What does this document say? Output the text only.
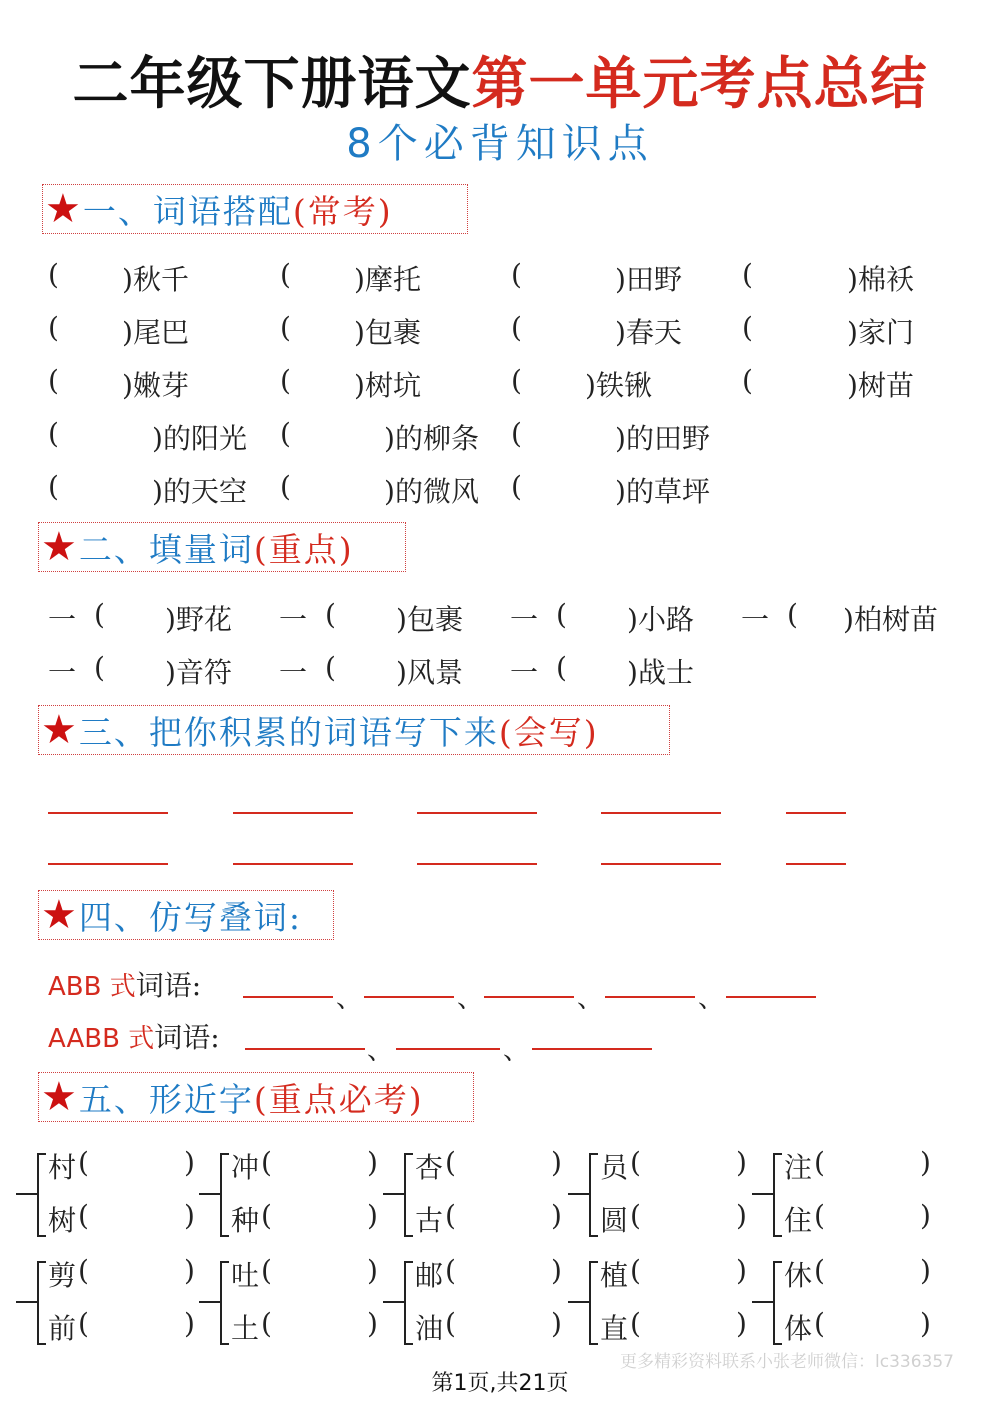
二年级下册语文第一单元考点总结
8个必背知识点
★ 一、词语搭配 (常考)
★ 二、填量词 (重点)
★ 三、把你积累的词语写下来 (会写)
★ 四、仿写叠词:
★ 五、形近字 (重点必考)
( )秋千	( )摩托	(	)田野 (	)棉袄
( )尾巴	( )包裹	(	)春天 (	)家门
( )嫩芽	( )树坑	( )铁锹	(	)树苗
(	)的阳光 (	)的柳条 (	)的田野
(	)的天空 (	)的微风 (	)的草坪
一 ( )野花 一 ( )包裹 一 ( )小路 一 ( )柏树苗
一 ( )音符 一 ( )风景 一 ( )战士
ABB 式词语:	、	、	、	、
AABB 式词语:	、	、
村 (	)
树 (	)
冲 (	)
种 (	)
杏 (	)
古 (	)
员 (	)
圆 (	)
注 (	)
住 (	)
剪 (	)
前 (	)
吐 (	)
土 (	)
邮 (	)
油 (	)
植 (	)
直 (	)
休 (	)
体 (	)
更多精彩资料联系小张老师微信：lc336357
第1页,共21页
